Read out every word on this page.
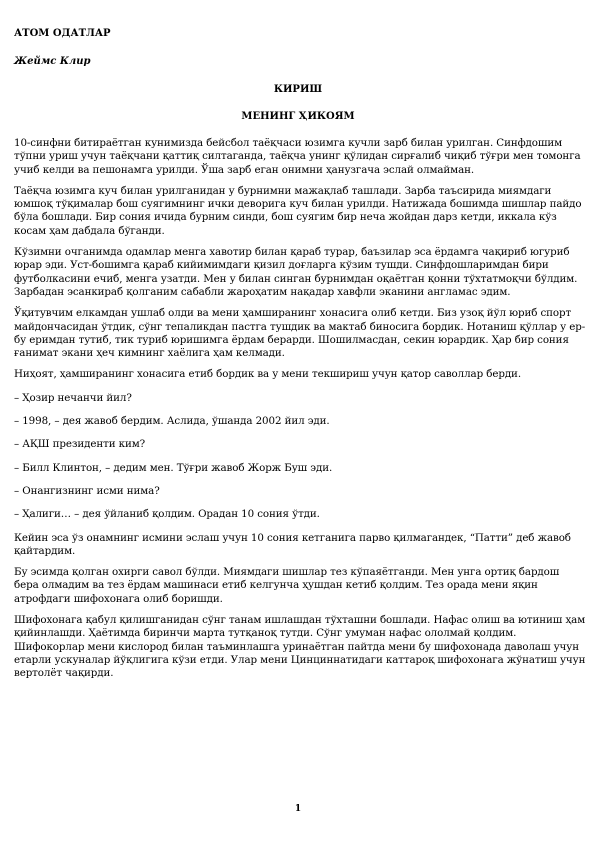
АТОМ ОДАТЛАР

Жеймс Клир

КИРИШ

МЕНИНГ ҲИКОЯМ

10-синфни битираётган кунимизда бейсбол таёқчаси юзимга кучли зарб билан урилган. Синфдошим тўпни уриш учун таёқчани қаттиқ силтаганда, таёқча унинг қўлидан сирғалиб чиқиб тўғри мен томонга учиб келди ва пешонамга урилди. Ўша зарб еган онимни ҳанузгача эслай олмайман.

Таёқча юзимга куч билан урилганидан у бурнимни мажақлаб ташлади. Зарба таъсирида миямдаги юмшоқ тўқималар бош суягимнинг ички деворига куч билан урилди. Натижада бошимда шишлар пайдо бўла бошлади. Бир сония ичида бурним синди, бош суягим бир неча жойдан дарз кетди, иккала кўз косам ҳам дабдала бўганди.

Кўзимни очганимда одамлар менга хавотир билан қараб турар, баъзилар эса ёрдамга чақириб югуриб юрар эди. Уст-бошимга қараб кийимимдаги қизил доғларга кўзим тушди. Синфдошларимдан бири футболкасини ечиб, менга узатди. Мен у билан синган бурнимдан оқаётган қонни тўхтатмоқчи бўлдим. Зарбадан эсанкираб қолганим сабабли жароҳатим нақадар хавфли эканини англамас эдим.

Ўқитувчим елкамдан ушлаб олди ва мени ҳамширанинг хонасига олиб кетди. Биз узоқ йўл юриб спорт майдончасидан ўтдик, сўнг тепаликдан пастга тушдик ва мактаб биносига бордик. Нотаниш қўллар у ер-бу еримдан тутиб, тик туриб юришимга ёрдам берарди. Шошилмасдан, секин юрардик. Ҳар бир сония ғанимат экани ҳеч кимнинг хаёлига ҳам келмади.

Ниҳоят, ҳамширанинг хонасига етиб бордик ва у мени текшириш учун қатор саволлар берди.

– Ҳозир нечанчи йил?

– 1998, – дея жавоб бердим. Аслида, ўшанда 2002 йил эди.

– АҚШ президенти ким?

– Билл Клинтон, – дедим мен. Тўғри жавоб Жорж Буш эди.

– Онангизнинг исми нима?

– Ҳалиги… – дея ўйланиб қолдим. Орадан 10 сония ўтди.

Кейин эса ўз онамнинг исмини эслаш учун 10 сония кетганига парво қилмагандек, “Патти” деб жавоб қайтардим.

Бу эсимда қолган охирги савол бўлди. Миямдаги шишлар тез кўпаяётганди. Мен унга ортиқ бардош бера олмадим ва тез ёрдам машинаси етиб келгунча ҳушдан кетиб қолдим. Тез орада мени яқин атрофдаги шифохонага олиб боришди.

Шифохонага қабул қилишганидан сўнг танам ишлашдан тўхташни бошлади. Нафас олиш ва ютиниш ҳам қийинлашди. Ҳаётимда биринчи марта тутқаноқ тутди. Сўнг умуман нафас ололмай қолдим. Шифокорлар мени кислород билан таъминлашга уринаётган пайтда мени бу шифохонада даволаш учун етарли ускуналар йўқлигига кўзи етди. Улар мени Цинциннатидаги каттароқ шифохонага жўнатиш учун вертолёт чақирди.

1
